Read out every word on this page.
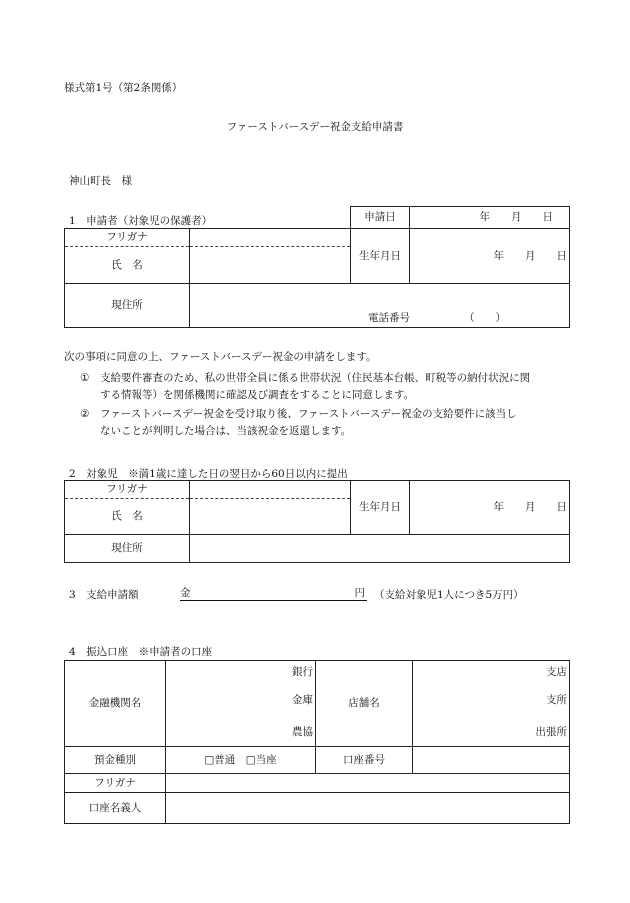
様式第1号（第2条関係）
ファーストバースデー祝金支給申請書
神山町長　様
1　申請者（対象児の保護者）	申請日	年　　月　　日
フリガナ		生年月日	年　　月　　日
氏　名			
現住所	電話番号 （　　）		
次の事項に同意の上、ファーストバースデー祝金の申請をします。
①	支給要件審査のため、私の世帯全員に係る世帯状況（住民基本台帳、町税等の納付状況に関
する情報等）を関係機関に確認及び調査をすることに同意します。
②	ファーストバースデー祝金を受け取り後、ファーストバースデー祝金の支給要件に該当し
ないことが判明した場合は、当該祝金を返還します。
2　対象児　※満1歳に達した日の翌日から60日以内に提出
フリガナ		生年月日	年　　月　　日
氏　名			
現住所			
3　支給申請額	金	円 （支給対象児1人につき5万円）
4　振込口座　※申請者の口座
金融機関名	銀行	店舗名	支店
	金庫		支所
	農協		出張所
預金種別	□普通　□当座	口座番号	
フリガナ			
口座名義人			
